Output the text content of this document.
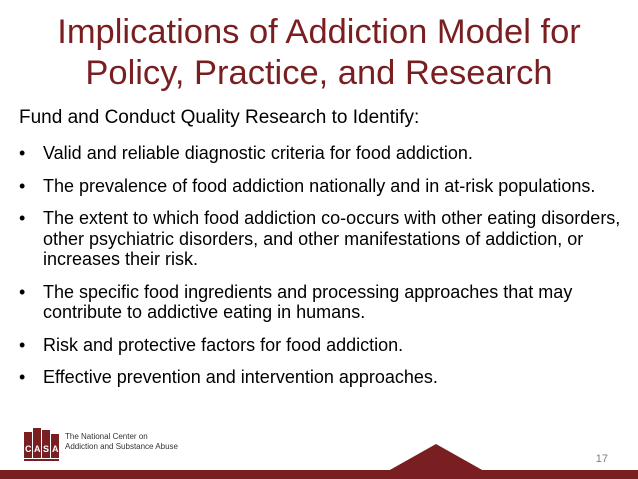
Implications of Addiction Model for
Policy, Practice, and Research
Fund and Conduct Quality Research to Identify:
• Valid and reliable diagnostic criteria for food addiction.
• The prevalence of food addiction nationally and in at-risk populations.
• The extent to which food addiction co-occurs with other eating disorders, other psychiatric disorders, and other manifestations of addiction, or increases their risk.
• The specific food ingredients and processing approaches that may contribute to addictive eating in humans.
• Risk and protective factors for food addiction.
• Effective prevention and intervention approaches.
C A S A
The National Center on
Addiction and Substance Abuse
17
